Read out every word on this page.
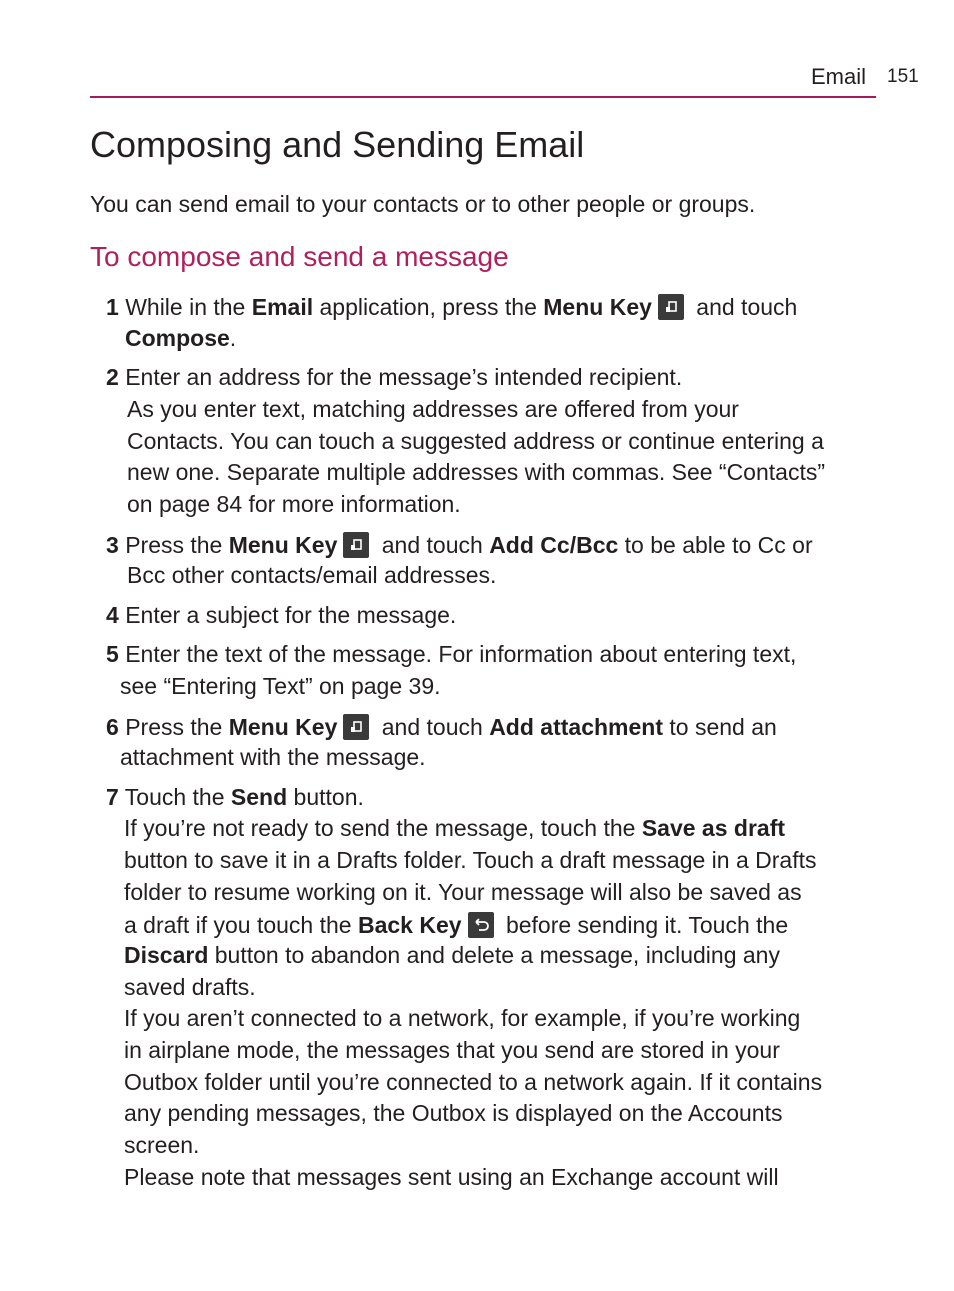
Email 151
Composing and Sending Email
You can send email to your contacts or to other people or groups.
To compose and send a message
1 While in the Email application, press the Menu Key
and touch
Compose.
2 Enter an address for the message’s intended recipient.
As you enter text, matching addresses are offered from your
Contacts. You can touch a suggested address or continue entering a
new one. Separate multiple addresses with commas. See “Contacts”
on page 84 for more information.
3 Press the Menu Key
and touch Add Cc/Bcc to be able to Cc or
Bcc other contacts/email addresses.
4 Enter a subject for the message.
5 Enter the text of the message. For information about entering text,
see “Entering Text” on page 39.
6 Press the Menu Key
and touch Add attachment to send an
attachment with the message.
7 Touch the Send button.
If you’re not ready to send the message, touch the Save as draft
button to save it in a Drafts folder. Touch a draft message in a Drafts
folder to resume working on it. Your message will also be saved as
a draft if you touch the Back Key
before sending it. Touch the
Discard button to abandon and delete a message, including any
saved drafts.
If you aren’t connected to a network, for example, if you’re working
in airplane mode, the messages that you send are stored in your
Outbox folder until you’re connected to a network again. If it contains
any pending messages, the Outbox is displayed on the Accounts
screen.
Please note that messages sent using an Exchange account will
